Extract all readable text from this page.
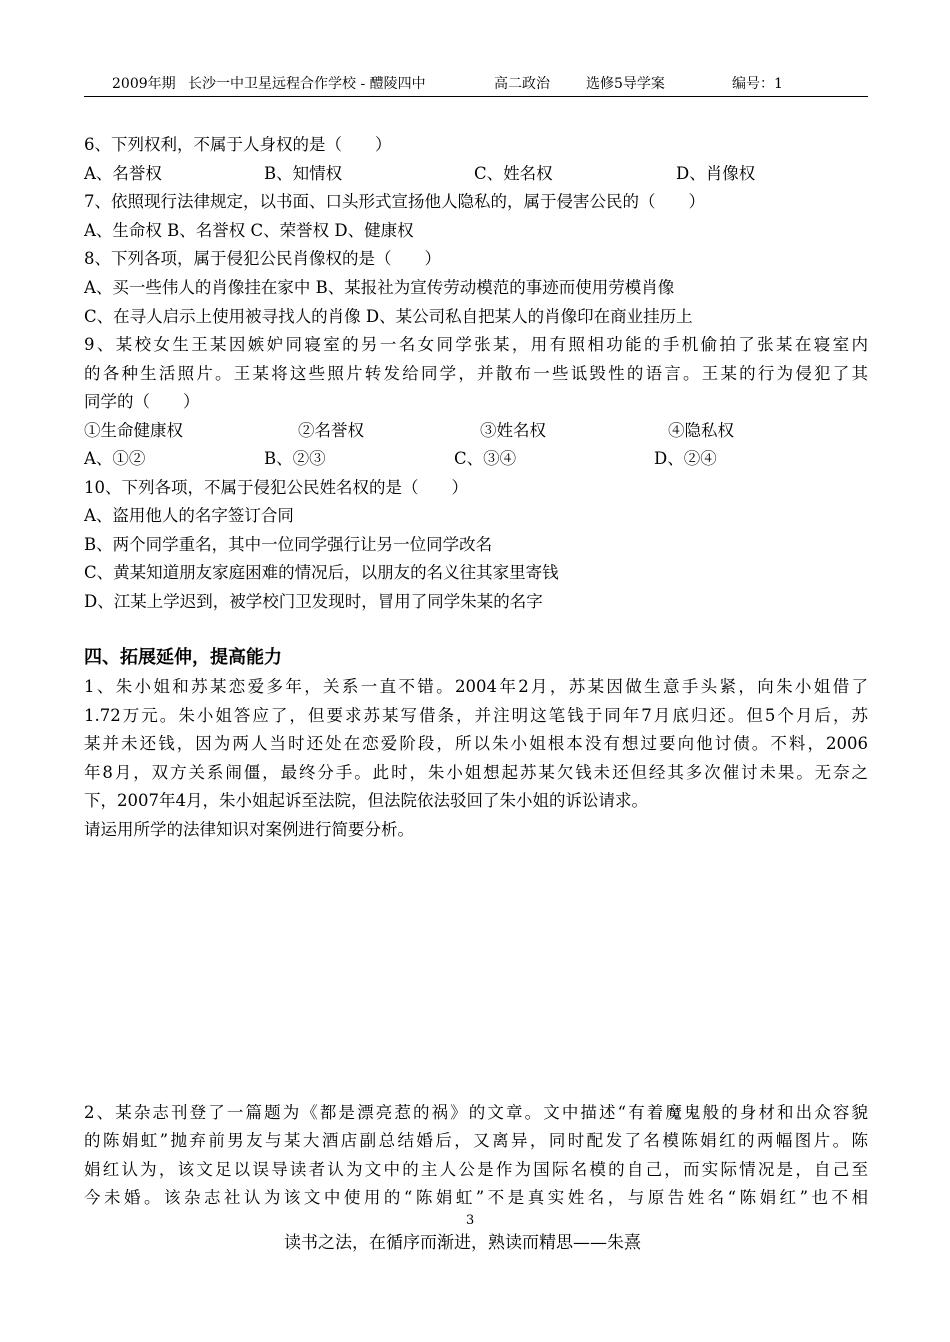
2009年期 长沙一中卫星远程合作学校 - 醴陵四中	高二政治	选修5导学案	编号：1
6、下列权利，不属于人身权的是（　　）
A、名誉权	B、知情权	C、姓名权	D、肖像权
7、依照现行法律规定，以书面、口头形式宣扬他人隐私的，属于侵害公民的（　　）
A、生命权 B、名誉权 C、荣誉权 D、健康权
8、下列各项，属于侵犯公民肖像权的是（　　）
A、买一些伟人的肖像挂在家中 B、某报社为宣传劳动模范的事迹而使用劳模肖像
C、在寻人启示上使用被寻找人的肖像 D、某公司私自把某人的肖像印在商业挂历上
9、某校女生王某因嫉妒同寝室的另一名女同学张某，用有照相功能的手机偷拍了张某在寝室内
的各种生活照片。王某将这些照片转发给同学，并散布一些诋毁性的语言。王某的行为侵犯了其
同学的（　　）
①生命健康权	②名誉权	③姓名权	④隐私权
A、①②	B、②③	C、③④	D、②④
10、下列各项，不属于侵犯公民姓名权的是（　　）
A、盗用他人的名字签订合同
B、两个同学重名，其中一位同学强行让另一位同学改名
C、黄某知道朋友家庭困难的情况后，以朋友的名义往其家里寄钱
D、江某上学迟到，被学校门卫发现时，冒用了同学朱某的名字
四、拓展延伸，提高能力
1、朱小姐和苏某恋爱多年，关系一直不错。2004年2月，苏某因做生意手头紧，向朱小姐借了
1.72万元。朱小姐答应了，但要求苏某写借条，并注明这笔钱于同年7月底归还。但5个月后，苏
某并未还钱，因为两人当时还处在恋爱阶段，所以朱小姐根本没有想过要向他讨债。不料，2006
年8月，双方关系闹僵，最终分手。此时，朱小姐想起苏某欠钱未还但经其多次催讨未果。无奈之
下，2007年4月，朱小姐起诉至法院，但法院依法驳回了朱小姐的诉讼请求。
请运用所学的法律知识对案例进行简要分析。
2、某杂志刊登了一篇题为《都是漂亮惹的祸》的文章。文中描述“有着魔鬼般的身材和出众容貌
的陈娟虹”抛弃前男友与某大酒店副总结婚后，又离异，同时配发了名模陈娟红的两幅图片。陈
娟红认为，该文足以误导读者认为文中的主人公是作为国际名模的自己，而实际情况是，自己至
今未婚。该杂志社认为该文中使用的“陈娟虹”不是真实姓名，与原告姓名“陈娟红”也不相
3
读书之法，在循序而渐进，熟读而精思——朱熹
